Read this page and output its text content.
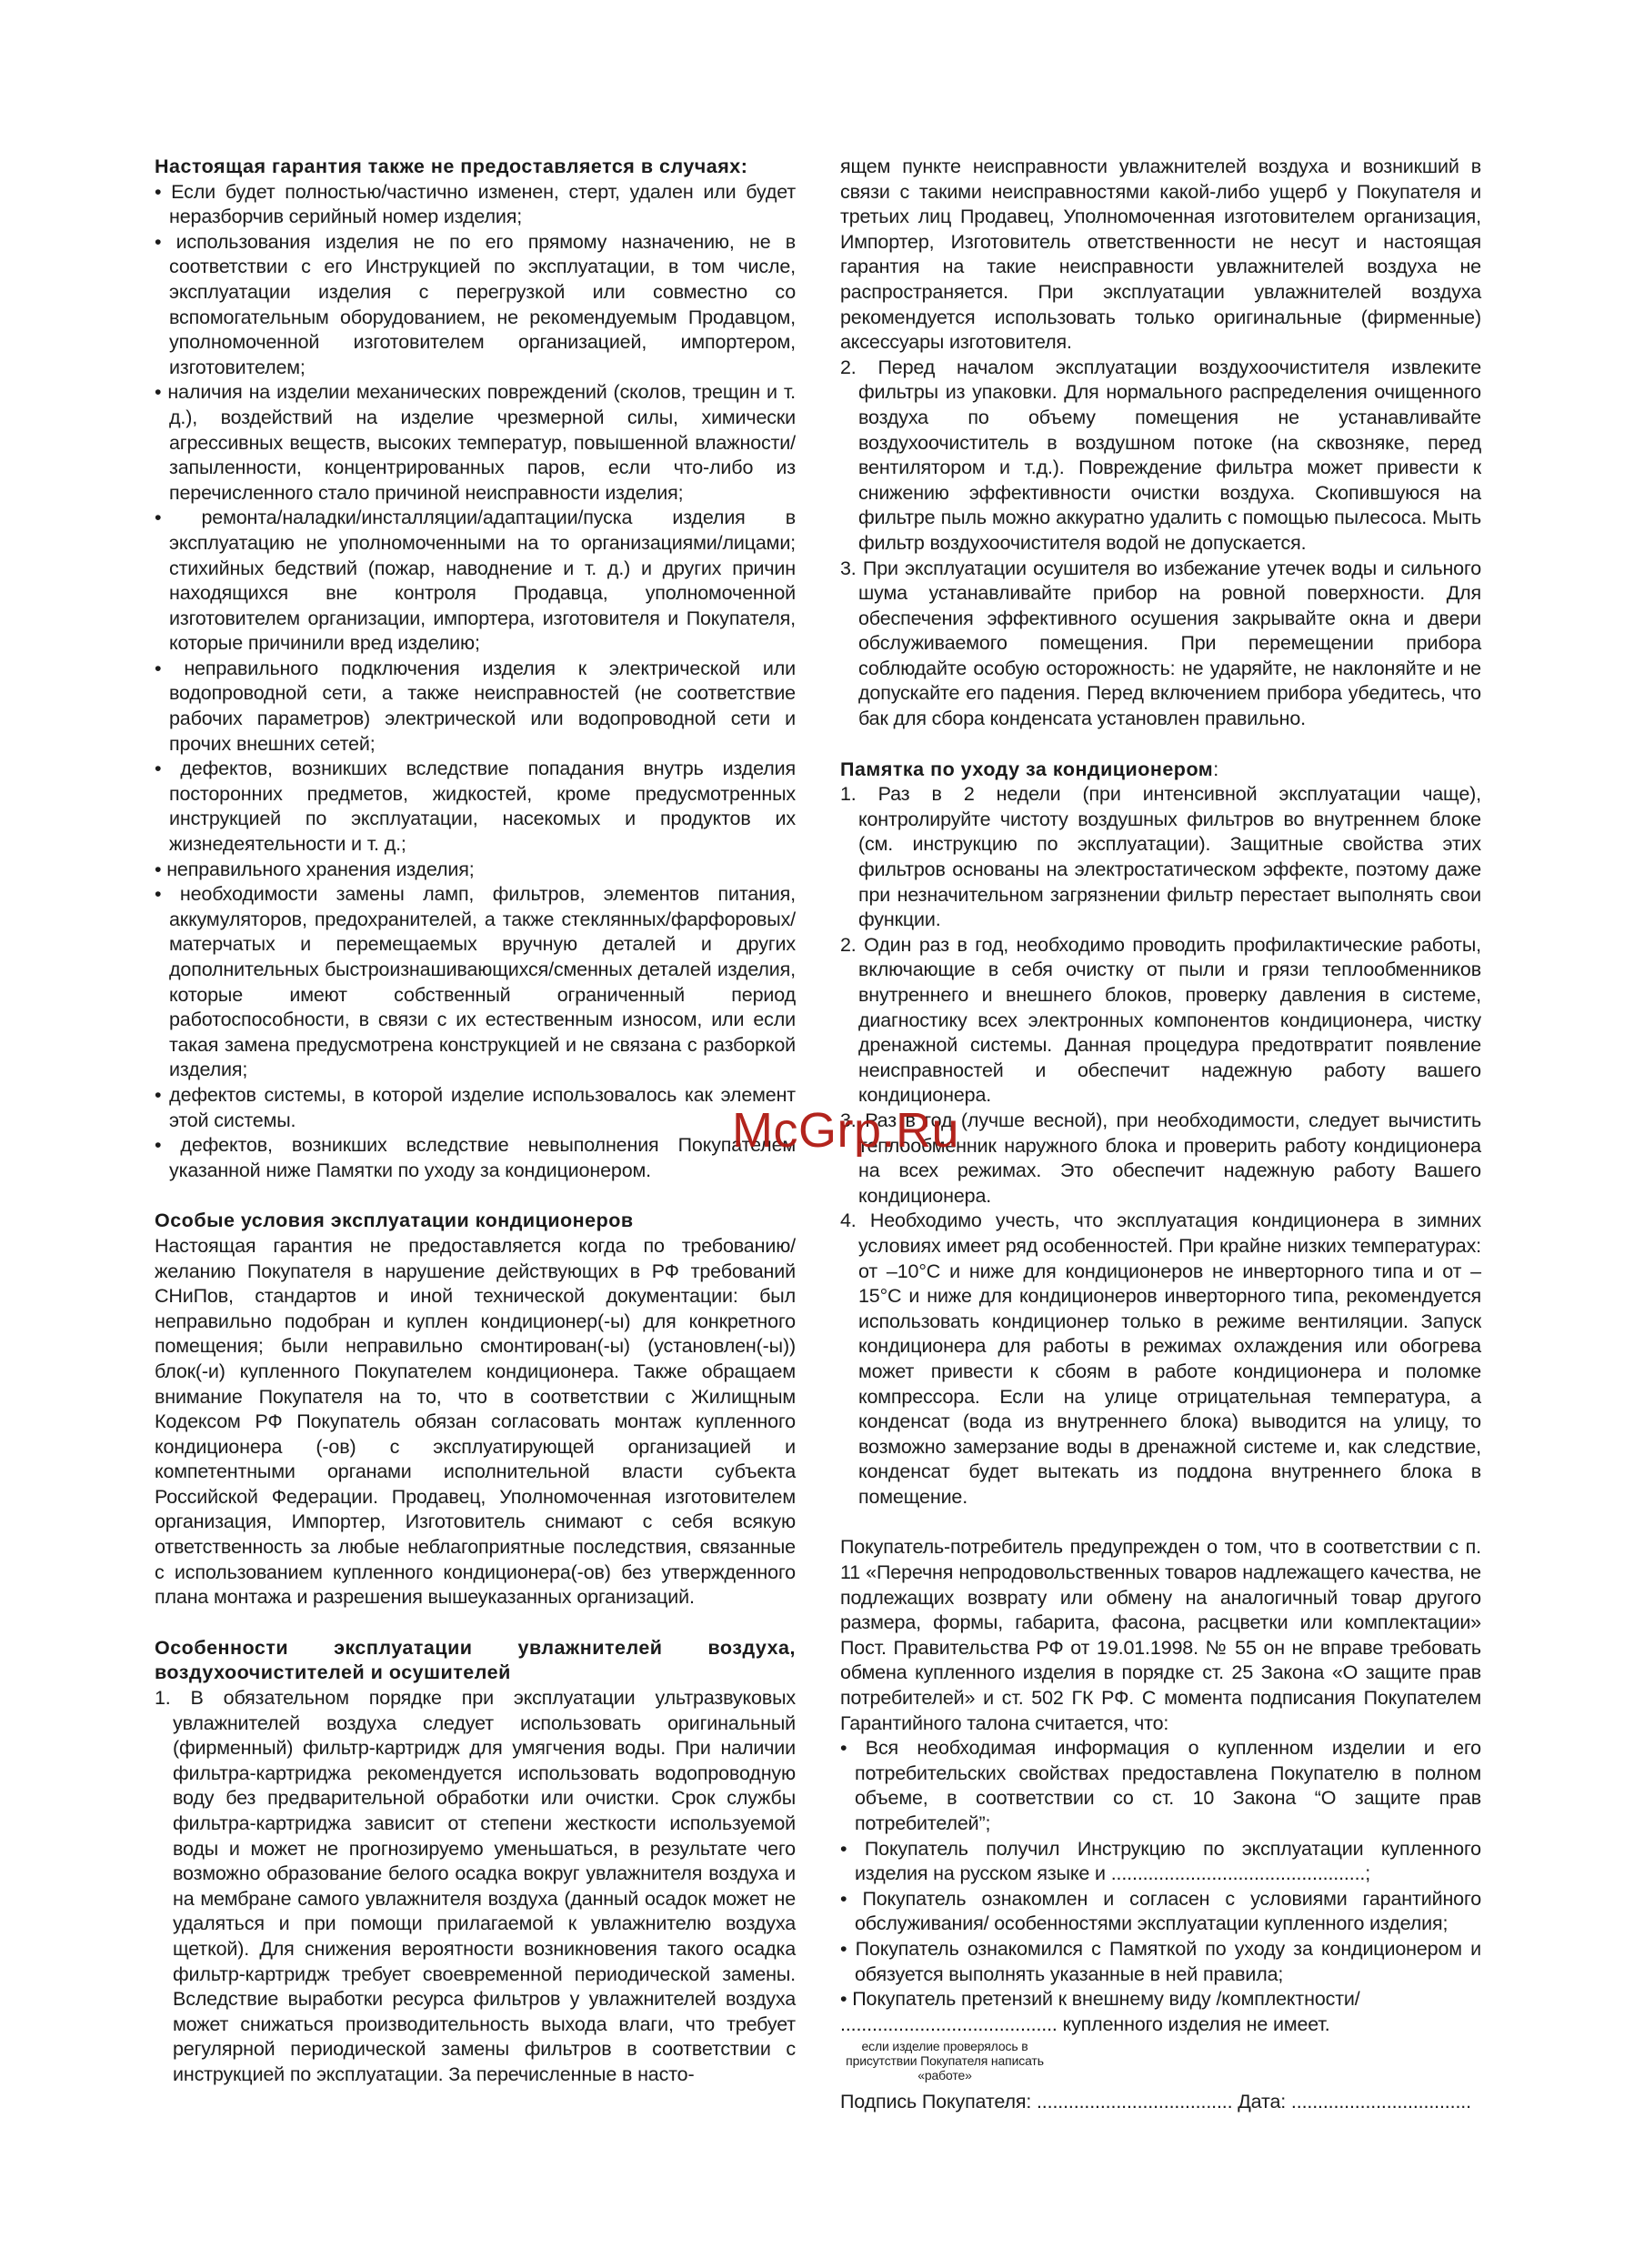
Настоящая гарантия также не предоставляется в случаях:

• Если будет полностью/частично изменен, стерт, удален или будет неразборчив серийный номер изделия;
• использования изделия не по его прямому назначению, не в соответствии с его Инструкцией по эксплуатации, в том числе, эксплуатации изделия с перегрузкой или совместно со вспомогательным оборудованием, не рекомендуемым Продавцом, уполномоченной изготовителем организацией, импортером, изготовителем;
• наличия на изделии механических повреждений (сколов, трещин и т. д.), воздействий на изделие чрезмерной силы, химически агрессивных веществ, высоких температур, повышенной влажности/запыленности, концентрированных паров, если что-либо из перечисленного стало причиной неисправности изделия;
• ремонта/наладки/инсталляции/адаптации/пуска изделия в эксплуатацию не уполномоченными на то организациями/лицами; стихийных бедствий (пожар, наводнение и т. д.) и других причин находящихся вне контроля Продавца, уполномоченной изготовителем организации, импортера, изготовителя и Покупателя, которые причинили вред изделию;
• неправильного подключения изделия к электрической или водопроводной сети, а также неисправностей (не соответствие рабочих параметров) электрической или водопроводной сети и прочих внешних сетей;
• дефектов, возникших вследствие попадания внутрь изделия посторонних предметов, жидкостей, кроме предусмотренных инструкцией по эксплуатации, насекомых и продуктов их жизнедеятельности и т. д.;
• неправильного хранения изделия;
• необходимости замены ламп, фильтров, элементов питания, аккумуляторов, предохранителей, а также стеклянных/фарфоровых/матерчатых и перемещаемых вручную деталей и других дополнительных быстроизнашивающихся/сменных деталей изделия, которые имеют собственный ограниченный период работоспособности, в связи с их естественным износом, или если такая замена предусмотрена конструкцией и не связана с разборкой изделия;
• дефектов системы, в которой изделие использовалось как элемент этой системы.
• дефектов, возникших вследствие невыполнения Покупателем указанной ниже Памятки по уходу за кондиционером.

Особые условия эксплуатации кондиционеров

Настоящая гарантия не предоставляется когда по требованию/желанию Покупателя в нарушение действующих в РФ требований СНиПов, стандартов и иной технической документации: был неправильно подобран и куплен кондиционер(-ы) для конкретного помещения; были неправильно смонтирован(-ы) (установлен(-ы)) блок(-и) купленного Покупателем кондиционера. Также обращаем внимание Покупателя на то, что в соответствии с Жилищным Кодексом РФ Покупатель обязан согласовать монтаж купленного кондиционера (-ов) с эксплуатирующей организацией и компетентными органами исполнительной власти субъекта Российской Федерации. Продавец, Уполномоченная изготовителем организация, Импортер, Изготовитель снимают с себя всякую ответственность за любые неблагоприятные последствия, связанные с использованием купленного кондиционера(-ов) без утвержденного плана монтажа и разрешения вышеуказанных организаций.

Особенности эксплуатации увлажнителей воздуха, воздухоочистителей и осушителей

1. В обязательном порядке при эксплуатации ультразвуковых увлажнителей воздуха следует использовать оригинальный (фирменный) фильтр-картридж для умягчения воды. При наличии фильтра-картриджа рекомендуется использовать водопроводную воду без предварительной обработки или очистки. Срок службы фильтра-картриджа зависит от степени жесткости используемой воды и может не прогнозируемо уменьшаться, в результате чего возможно образование белого осадка вокруг увлажнителя воздуха и на мембране самого увлажнителя воздуха (данный осадок может не удаляться и при помощи прилагаемой к увлажнителю воздуха щеткой). Для снижения вероятности возникновения такого осадка фильтр-картридж требует своевременной периодической замены. Вследствие выработки ресурса фильтров у увлажнителей воздуха может снижаться производительность выхода влаги, что требует регулярной периодической замены фильтров в соответствии с инструкцией по эксплуатации. За перечисленные в насто-

ящем пункте неисправности увлажнителей воздуха и возникший в связи с такими неисправностями какой-либо ущерб у Покупателя и третьих лиц Продавец, Уполномоченная изготовителем организация, Импортер, Изготовитель ответственности не несут и настоящая гарантия на такие неисправности увлажнителей воздуха не распространяется. При эксплуатации увлажнителей воздуха рекомендуется использовать только оригинальные (фирменные) аксессуары изготовителя.

2. Перед началом эксплуатации воздухоочистителя извлеките фильтры из упаковки. Для нормального распределения очищенного воздуха по объему помещения не устанавливайте воздухоочиститель в воздушном потоке (на сквозняке, перед вентилятором и т.д.). Повреждение фильтра может привести к снижению эффективности очистки воздуха. Скопившуюся на фильтре пыль можно аккуратно удалить с помощью пылесоса. Мыть фильтр воздухоочистителя водой не допускается.

3. При эксплуатации осушителя во избежание утечек воды и сильного шума устанавливайте прибор на ровной поверхности. Для обеспечения эффективного осушения закрывайте окна и двери обслуживаемого помещения. При перемещении прибора соблюдайте особую осторожность: не ударяйте, не наклоняйте и не допускайте его падения. Перед включением прибора убедитесь, что бак для сбора конденсата установлен правильно.

Памятка по уходу за кондиционером:

1. Раз в 2 недели (при интенсивной эксплуатации чаще), контролируйте чистоту воздушных фильтров во внутреннем блоке (см. инструкцию по эксплуатации). Защитные свойства этих фильтров основаны на электростатическом эффекте, поэтому даже при незначительном загрязнении фильтр перестает выполнять свои функции.
2. Один раз в год, необходимо проводить профилактические работы, включающие в себя очистку от пыли и грязи теплообменников внутреннего и внешнего блоков, проверку давления в системе, диагностику всех электронных компонентов кондиционера, чистку дренажной системы. Данная процедура предотвратит появление неисправностей и обеспечит надежную работу вашего кондиционера.
3. Раз в год (лучше весной), при необходимости, следует вычистить теплообменник наружного блока и проверить работу кондиционера на всех режимах. Это обеспечит надежную работу Вашего кондиционера.
4. Необходимо учесть, что эксплуатация кондиционера в зимних условиях имеет ряд особенностей. При крайне низких температурах: от –10°С и ниже для кондиционеров не инверторного типа и от –15°С и ниже для кондиционеров инверторного типа, рекомендуется использовать кондиционер только в режиме вентиляции. Запуск кондиционера для работы в режимах охлаждения или обогрева может привести к сбоям в работе кондиционера и поломке компрессора. Если на улице отрицательная температура, а конденсат (вода из внутреннего блока) выводится на улицу, то возможно замерзание воды в дренажной системе и, как следствие, конденсат будет вытекать из поддона внутреннего блока в помещение.

Покупатель-потребитель предупрежден о том, что в соответствии с п. 11 «Перечня непродовольственных товаров надлежащего качества, не подлежащих возврату или обмену на аналогичный товар другого размера, формы, габарита, фасона, расцветки или комплектации» Пост. Правительства РФ от 19.01.1998. № 55 он не вправе требовать обмена купленного изделия в порядке ст. 25 Закона «О защите прав потребителей» и ст. 502 ГК РФ. С момента подписания Покупателем Гарантийного талона считается, что:

• Вся необходимая информация о купленном изделии и его потребительских свойствах предоставлена Покупателю в полном объеме, в соответствии со ст. 10 Закона “О защите прав потребителей”;
• Покупатель получил Инструкцию по эксплуатации купленного изделия на русском языке и ................................................;
• Покупатель ознакомлен и согласен с условиями гарантийного обслуживания/ особенностями эксплуатации купленного изделия;
• Покупатель ознакомился с Памяткой по уходу за кондиционером и обязуется выполнять указанные в ней правила;
• Покупатель претензий к внешнему виду /комплектности/

......................................... купленного изделия не имеет.

если изделие проверялось в присутствии Покупателя написать «работе»

Подпись Покупателя: ..................................... Дата: ..................................

McGrp.Ru
